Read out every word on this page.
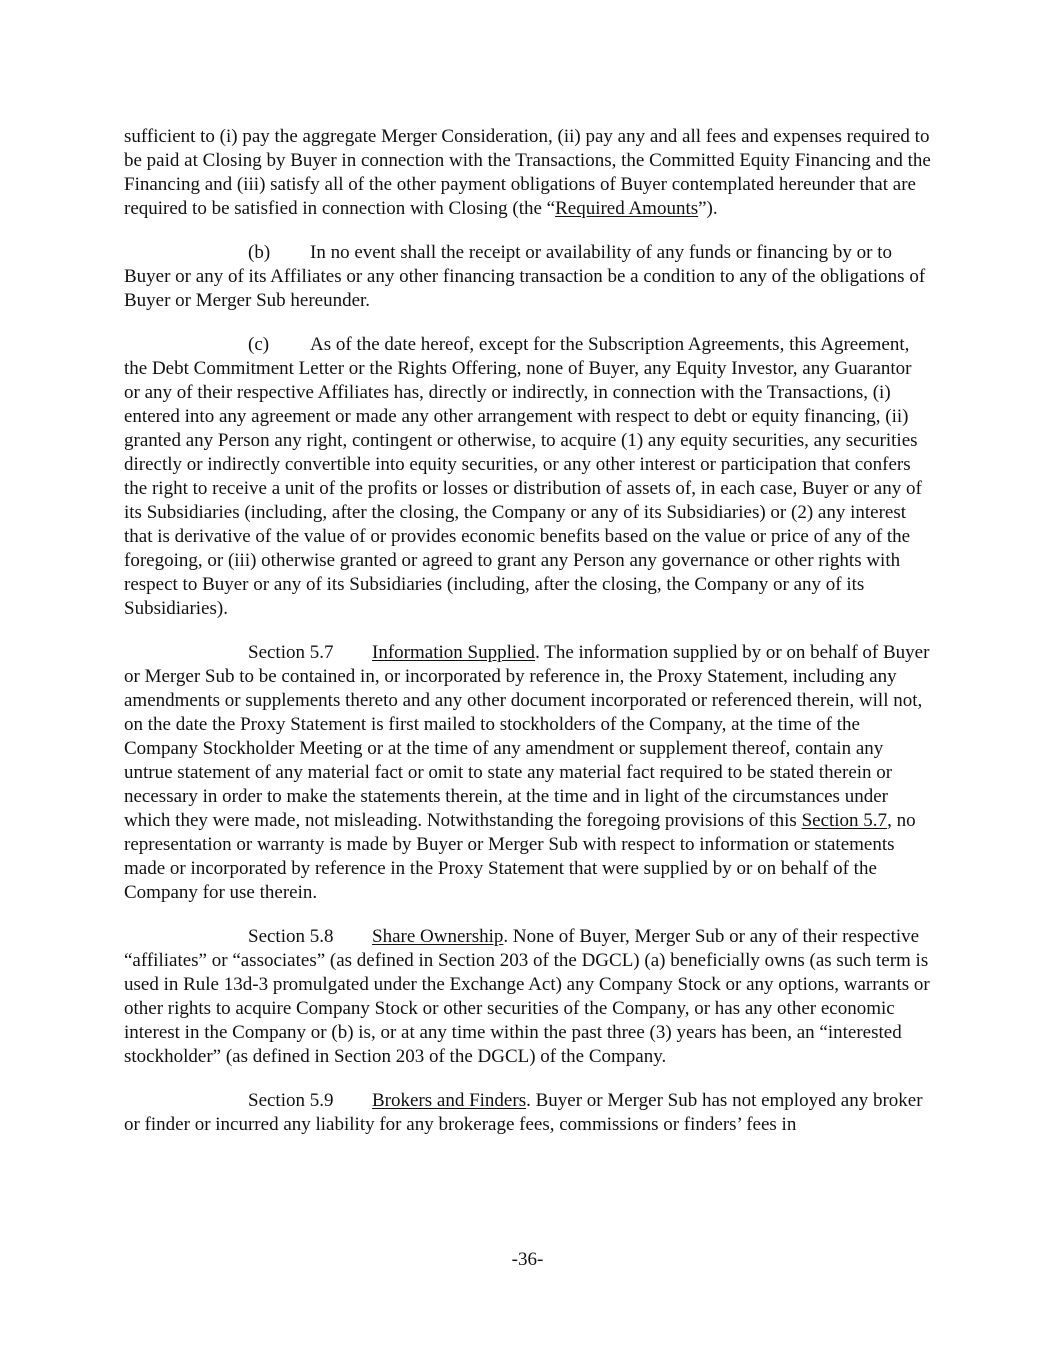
sufficient to (i) pay the aggregate Merger Consideration, (ii) pay any and all fees and expenses required to be paid at Closing by Buyer in connection with the Transactions, the Committed Equity Financing and the Financing and (iii) satisfy all of the other payment obligations of Buyer contemplated hereunder that are required to be satisfied in connection with Closing (the “Required Amounts”).

(b) In no event shall the receipt or availability of any funds or financing by or to Buyer or any of its Affiliates or any other financing transaction be a condition to any of the obligations of Buyer or Merger Sub hereunder.

(c) As of the date hereof, except for the Subscription Agreements, this Agreement, the Debt Commitment Letter or the Rights Offering, none of Buyer, any Equity Investor, any Guarantor or any of their respective Affiliates has, directly or indirectly, in connection with the Transactions, (i) entered into any agreement or made any other arrangement with respect to debt or equity financing, (ii) granted any Person any right, contingent or otherwise, to acquire (1) any equity securities, any securities directly or indirectly convertible into equity securities, or any other interest or participation that confers the right to receive a unit of the profits or losses or distribution of assets of, in each case, Buyer or any of its Subsidiaries (including, after the closing, the Company or any of its Subsidiaries) or (2) any interest that is derivative of the value of or provides economic benefits based on the value or price of any of the foregoing, or (iii) otherwise granted or agreed to grant any Person any governance or other rights with respect to Buyer or any of its Subsidiaries (including, after the closing, the Company or any of its Subsidiaries).

Section 5.7 Information Supplied. The information supplied by or on behalf of Buyer or Merger Sub to be contained in, or incorporated by reference in, the Proxy Statement, including any amendments or supplements thereto and any other document incorporated or referenced therein, will not, on the date the Proxy Statement is first mailed to stockholders of the Company, at the time of the Company Stockholder Meeting or at the time of any amendment or supplement thereof, contain any untrue statement of any material fact or omit to state any material fact required to be stated therein or necessary in order to make the statements therein, at the time and in light of the circumstances under which they were made, not misleading. Notwithstanding the foregoing provisions of this Section 5.7, no representation or warranty is made by Buyer or Merger Sub with respect to information or statements made or incorporated by reference in the Proxy Statement that were supplied by or on behalf of the Company for use therein.

Section 5.8 Share Ownership. None of Buyer, Merger Sub or any of their respective “affiliates” or “associates” (as defined in Section 203 of the DGCL) (a) beneficially owns (as such term is used in Rule 13d-3 promulgated under the Exchange Act) any Company Stock or any options, warrants or other rights to acquire Company Stock or other securities of the Company, or has any other economic interest in the Company or (b) is, or at any time within the past three (3) years has been, an “interested stockholder” (as defined in Section 203 of the DGCL) of the Company.

Section 5.9 Brokers and Finders. Buyer or Merger Sub has not employed any broker or finder or incurred any liability for any brokerage fees, commissions or finders’ fees in

-36-
